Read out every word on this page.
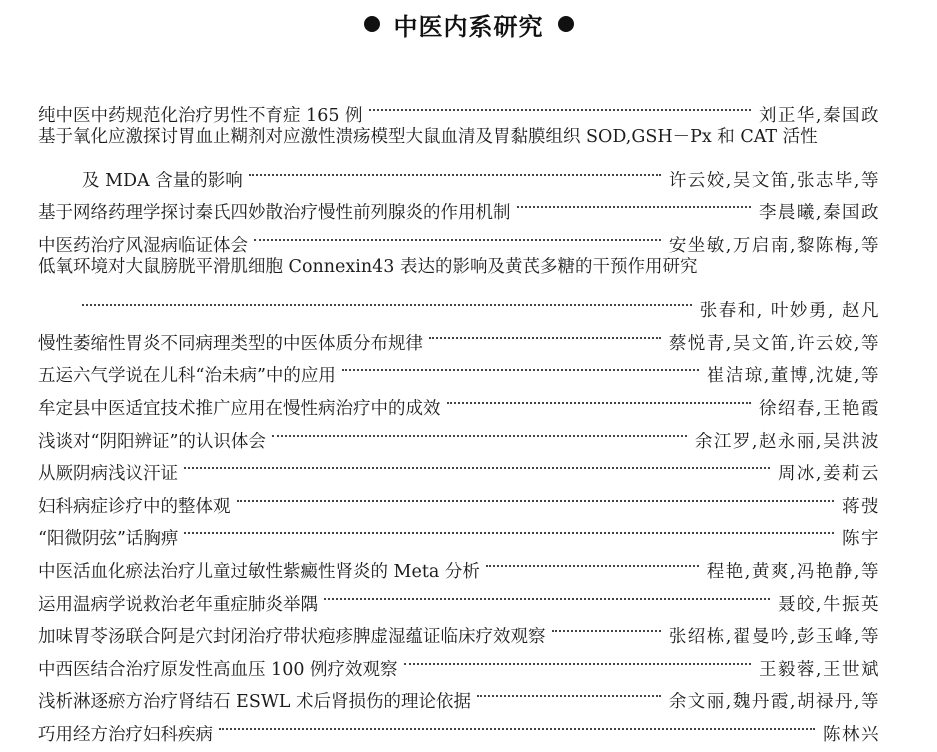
中医内系研究
纯中医中药规范化治疗男性不育症 165 例	刘正华,秦国政
基于氧化应激探讨胃血止糊剂对应激性溃疡模型大鼠血清及胃黏膜组织 SOD,GSH－Px 和 CAT 活性
及 MDA 含量的影响	许云姣,吴文笛,张志毕,等
基于网络药理学探讨秦氏四妙散治疗慢性前列腺炎的作用机制	李晨曦,秦国政
中医药治疗风湿病临证体会	安坐敏,万启南,黎陈梅,等
低氧环境对大鼠膀胱平滑肌细胞 Connexin43 表达的影响及黄芪多糖的干预作用研究
张春和, 叶妙勇, 赵凡
慢性萎缩性胃炎不同病理类型的中医体质分布规律	蔡悦青,吴文笛,许云姣,等
五运六气学说在儿科“治未病”中的应用	崔洁琼,董博,沈婕,等
牟定县中医适宜技术推广应用在慢性病治疗中的成效	徐绍春,王艳霞
浅谈对“阴阳辨证”的认识体会	余江罗,赵永丽,吴洪波
从厥阴病浅议汗证	周冰,姜莉云
妇科病症诊疗中的整体观	蒋弢
“阳微阴弦”话胸痹	陈宇
中医活血化瘀法治疗儿童过敏性紫癜性肾炎的 Meta 分析	程艳,黄爽,冯艳静,等
运用温病学说救治老年重症肺炎举隅	聂皎,牛振英
加味胃苓汤联合阿是穴封闭治疗带状疱疹脾虚湿蕴证临床疗效观察	张绍栋,翟曼吟,彭玉峰,等
中西医结合治疗原发性高血压 100 例疗效观察	王毅蓉,王世斌
浅析淋逐瘀方治疗肾结石 ESWL 术后肾损伤的理论依据	余文丽,魏丹霞,胡禄丹,等
巧用经方治疗妇科疾病	陈林兴
